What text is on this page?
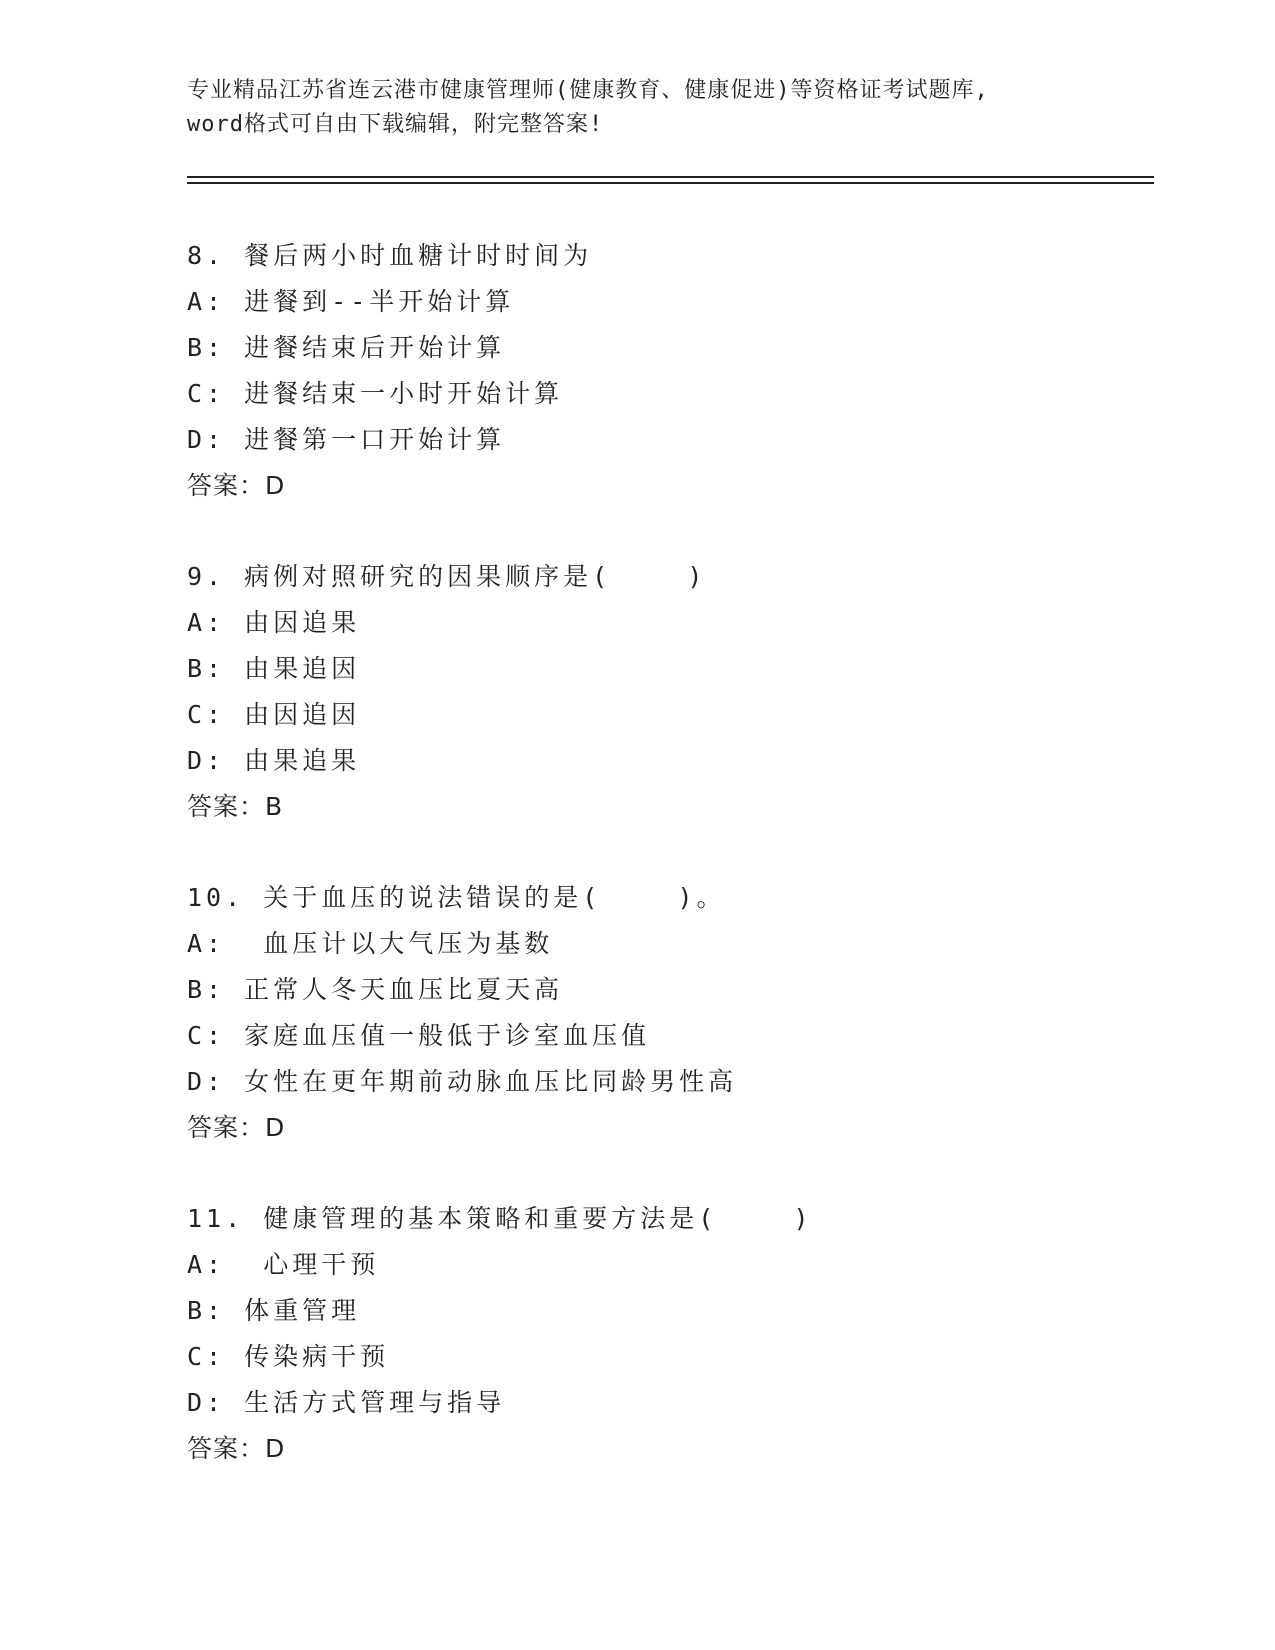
专业精品江苏省连云港市健康管理师(健康教育、健康促进)等资格证考试题库,
word格式可自由下载编辑，附完整答案!
8. 餐后两小时血糖计时时间为
A: 进餐到--半开始计算
B: 进餐结束后开始计算
C: 进餐结束一小时开始计算
D: 进餐第一口开始计算
答案：D
9. 病例对照研究的因果顺序是(    )
A: 由因追果
B: 由果追因
C: 由因追因
D: 由果追果
答案：B
10. 关于血压的说法错误的是(    )。
A:  血压计以大气压为基数
B: 正常人冬天血压比夏天高
C: 家庭血压值一般低于诊室血压值
D: 女性在更年期前动脉血压比同龄男性高
答案：D
11. 健康管理的基本策略和重要方法是(    )
A:  心理干预
B: 体重管理
C: 传染病干预
D: 生活方式管理与指导
答案：D
